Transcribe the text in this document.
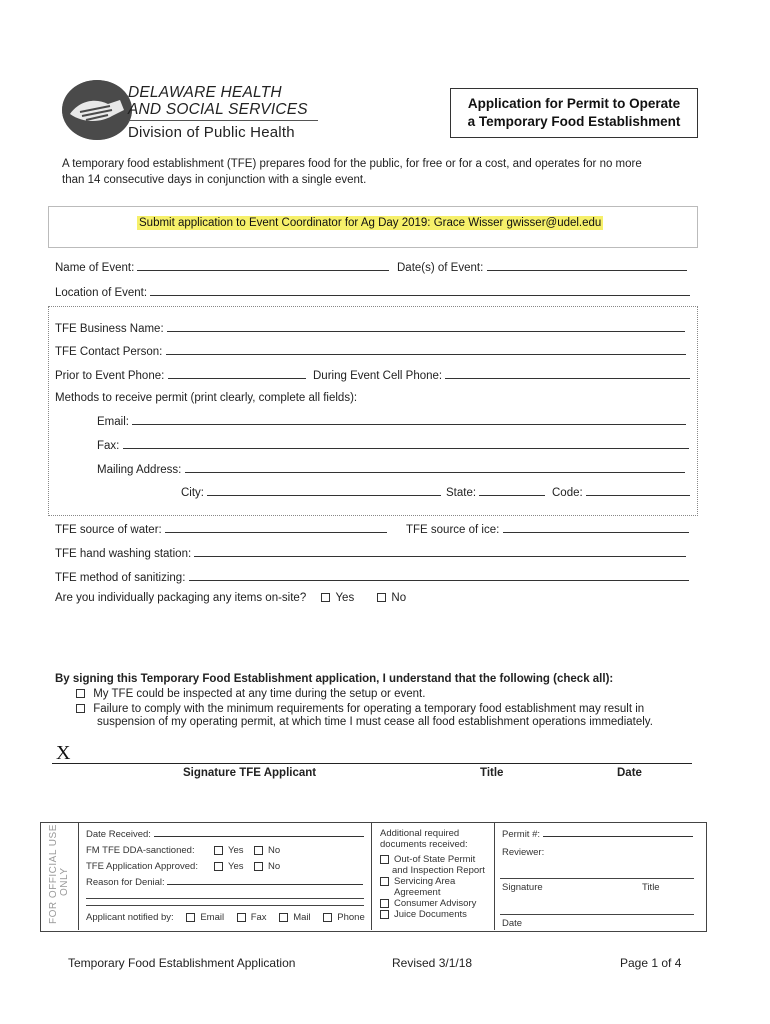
DELAWARE HEALTH
AND SOCIAL SERVICES
Division of Public Health
Application for Permit to Operate
a Temporary Food Establishment
A temporary food establishment (TFE) prepares food for the public, for free or for a cost, and operates for no more
than 14 consecutive days in conjunction with a single event.
Submit application to Event Coordinator for Ag Day 2019: Grace Wisser gwisser@udel.edu
Name of Event:	Date(s) of Event:
Location of Event:
TFE Business Name:
TFE Contact Person:
Prior to Event Phone:	During Event Cell Phone:
Methods to receive permit (print clearly, complete all fields):
Email:
Fax:
Mailing Address:
City:	State:	Code:
TFE source of water:	TFE source of ice:
TFE hand washing station:
TFE method of sanitizing:
Are you individually packaging any items on-site?	Yes	No
By signing this Temporary Food Establishment application, I understand that the following (check all):
My TFE could be inspected at any time during the setup or event.
Failure to comply with the minimum requirements for operating a temporary food establishment may result in
suspension of my operating permit, at which time I must cease all food establishment operations immediately.
X
Signature TFE Applicant	Title	Date
FOR OFFICIAL USE ONLY
Date Received:
FM TFE DDA-sanctioned:	Yes	No
TFE Application Approved:	Yes	No
Reason for Denial:
Applicant notified by:	Email	Fax	Mail	Phone
Additional required
documents received:
Out-of State Permit
and Inspection Report
Servicing Area
Agreement
Consumer Advisory
Juice Documents
Permit #:
Reviewer:
Signature	Title
Date
Temporary Food Establishment Application	Revised 3/1/18	Page 1 of 4
